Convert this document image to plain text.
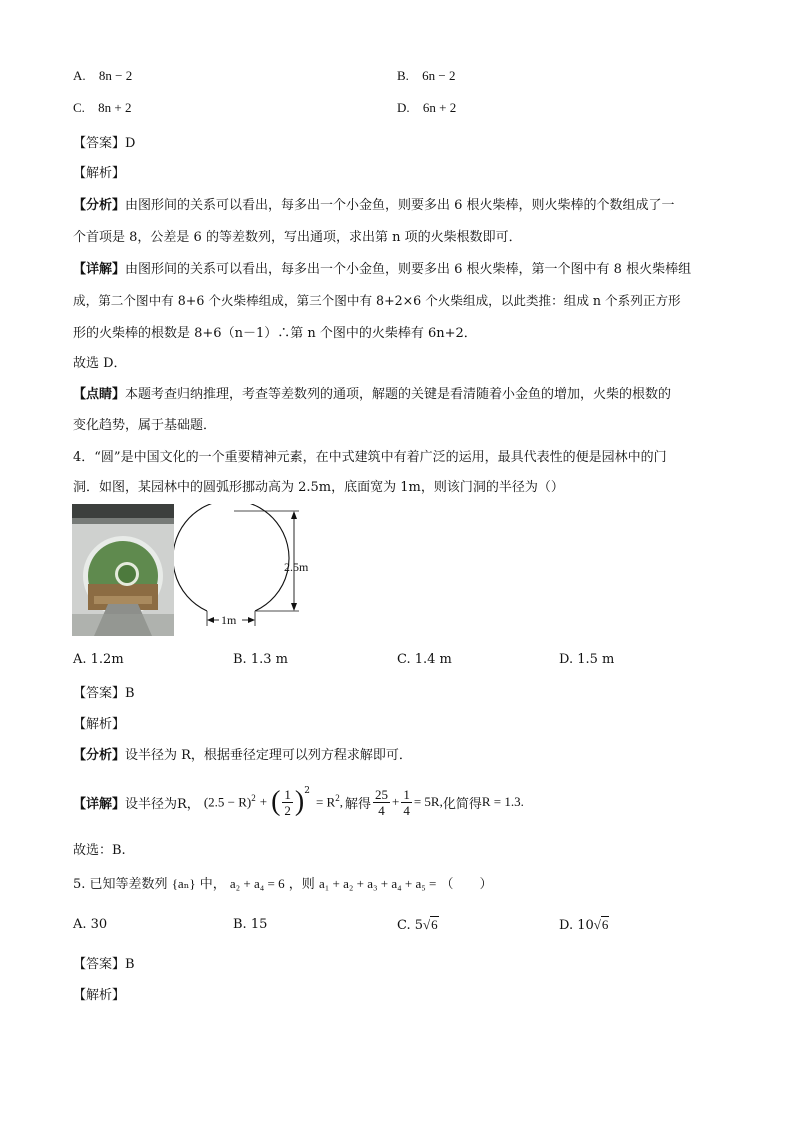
A. 8n − 2	B. 6n − 2
C. 8n + 2	D. 6n + 2
【答案】D
【解析】
【分析】由图形间的关系可以看出，每多出一个小金鱼，则要多出 6 根火柴棒，则火柴棒的个数组成了一
个首项是 8，公差是 6 的等差数列，写出通项，求出第 n 项的火柴根数即可．
【详解】由图形间的关系可以看出，每多出一个小金鱼，则要多出 6 根火柴棒，第一个图中有 8 根火柴棒组
成，第二个图中有 8+6 个火柴棒组成，第三个图中有 8+2×6 个火柴组成，以此类推：组成 n 个系列正方形
形的火柴棒的根数是 8+6（n－1）∴第 n 个图中的火柴棒有 6n+2．
故选 D．
【点睛】本题考查归纳推理，考查等差数列的通项，解题的关键是看清随着小金鱼的增加，火柴的根数的
变化趋势，属于基础题．
4．“圆”是中国文化的一个重要精神元素，在中式建筑中有着广泛的运用，最具代表性的便是园林中的门
洞．如图，某园林中的圆弧形挪动高为 2.5m，底面宽为 1m，则该门洞的半径为（）
2.5m
1m
A. 1.2m	B. 1.3 m	C. 1.4 m	D. 1.5 m
【答案】B
【解析】
【分析】设半径为 R，根据垂径定理可以列方程求解即可．
【详解】 设半径为R， $(2.5 - R)^2$ + ( $\frac{1}{2} )^2$
= $R^2$, 解得 $\frac{25}{4} + \frac{1}{4} = 5R$, 化简得 R = 1.3.
故选：B.
5. 已知等差数列 {aₙ} 中， a₂ + a₄ = 6 ，则 a₁ + a₂ + a₃ + a₄ + a₅ = （　　）
A. 30	B. 15	C. 5√6	D. 10√6
【答案】B
【解析】
